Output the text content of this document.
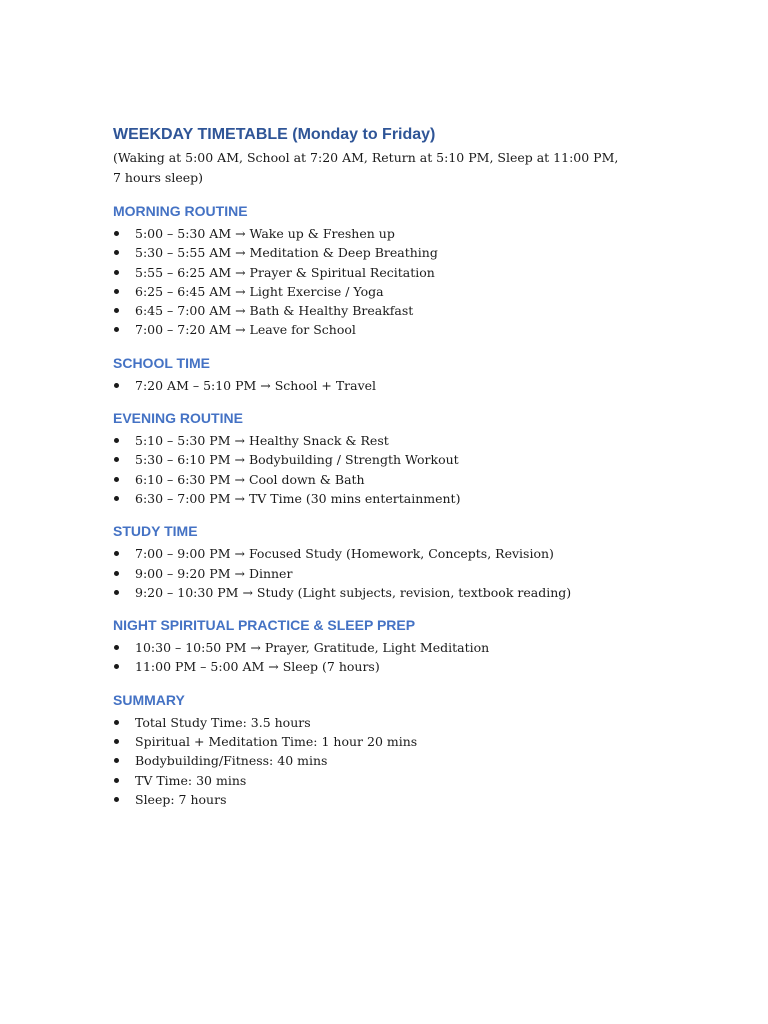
WEEKDAY TIMETABLE (Monday to Friday)

(Waking at 5:00 AM, School at 7:20 AM, Return at 5:10 PM, Sleep at 11:00 PM, 7 hours sleep)

MORNING ROUTINE
5:00 – 5:30 AM → Wake up & Freshen up
5:30 – 5:55 AM → Meditation & Deep Breathing
5:55 – 6:25 AM → Prayer & Spiritual Recitation
6:25 – 6:45 AM → Light Exercise / Yoga
6:45 – 7:00 AM → Bath & Healthy Breakfast
7:00 – 7:20 AM → Leave for School
SCHOOL TIME
7:20 AM – 5:10 PM → School + Travel
EVENING ROUTINE
5:10 – 5:30 PM → Healthy Snack & Rest
5:30 – 6:10 PM → Bodybuilding / Strength Workout
6:10 – 6:30 PM → Cool down & Bath
6:30 – 7:00 PM → TV Time (30 mins entertainment)
STUDY TIME
7:00 – 9:00 PM → Focused Study (Homework, Concepts, Revision)
9:00 – 9:20 PM → Dinner
9:20 – 10:30 PM → Study (Light subjects, revision, textbook reading)
NIGHT SPIRITUAL PRACTICE & SLEEP PREP
10:30 – 10:50 PM → Prayer, Gratitude, Light Meditation
11:00 PM – 5:00 AM → Sleep (7 hours)
SUMMARY
Total Study Time: 3.5 hours
Spiritual + Meditation Time: 1 hour 20 mins
Bodybuilding/Fitness: 40 mins
TV Time: 30 mins
Sleep: 7 hours
